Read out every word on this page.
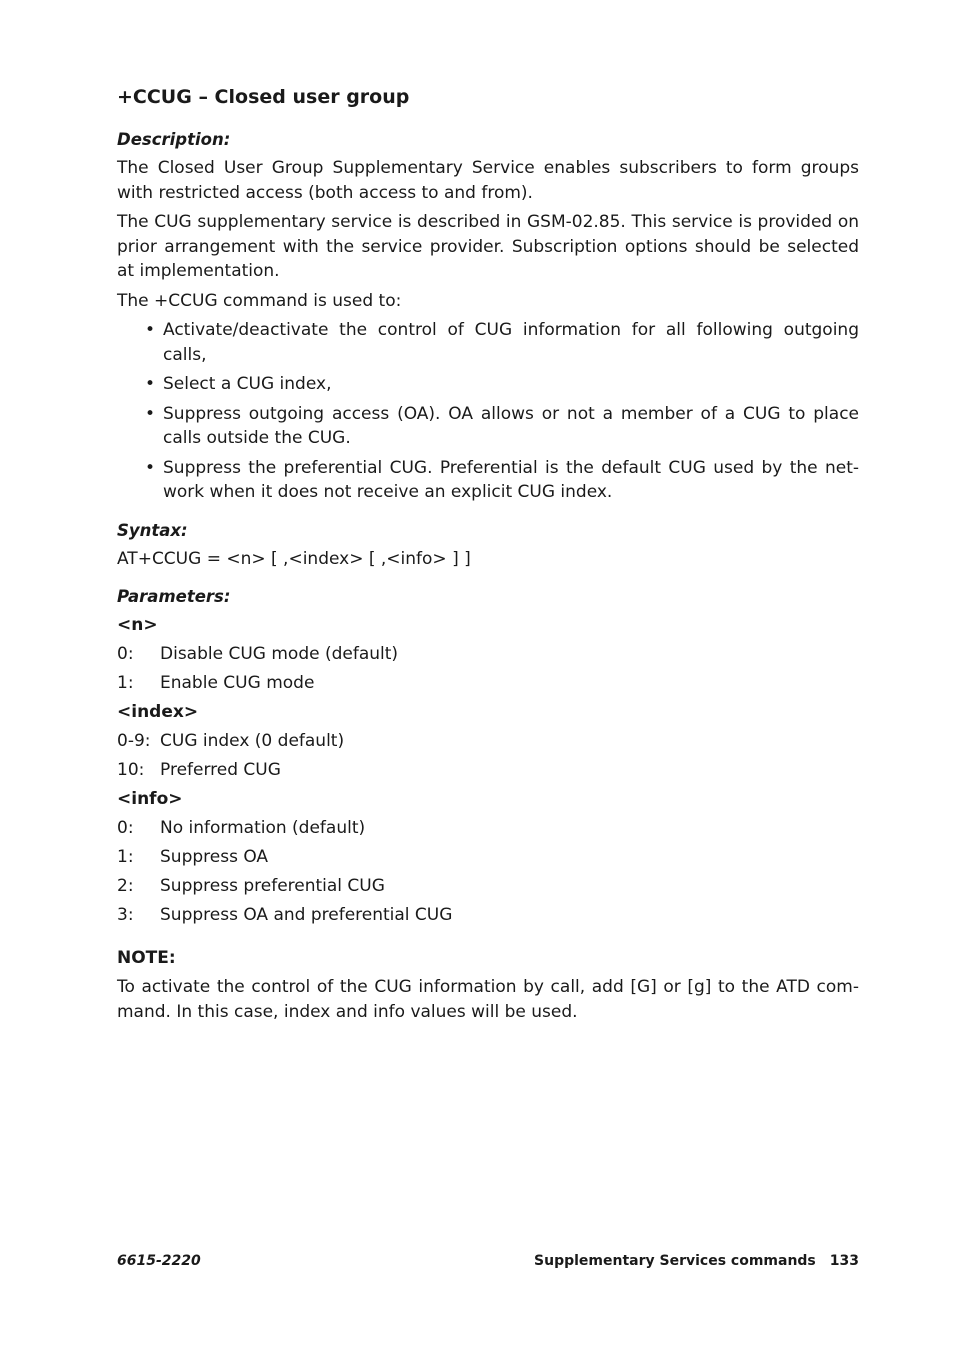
+CCUG – Closed user group
Description:

The Closed User Group Supplementary Service enables subscribers to form groups with restricted access (both access to and from).

The CUG supplementary service is described in GSM-02.85. This service is provided on prior arrangement with the service provider. Subscription options should be selected at implementation.

The +CCUG command is used to:

• Activate/deactivate the control of CUG information for all following outgoing calls,
• Select a CUG index,
• Suppress outgoing access (OA). OA allows or not a member of a CUG to place calls outside the CUG.
• Suppress the preferential CUG. Preferential is the default CUG used by the net-work when it does not receive an explicit CUG index.
Syntax:
AT+CCUG = <n> [ ,<index> [ ,<info> ] ]
Parameters:
<n>
0:	Disable CUG mode (default)
1:	Enable CUG mode
<index>
0-9: CUG index (0 default)
10: Preferred CUG
<info>
0:	No information (default)
1:	Suppress OA
2:	Suppress preferential CUG
3:	Suppress OA and preferential CUG
NOTE:

To activate the control of the CUG information by call, add [G] or [g] to the ATD com-mand. In this case, index and info values will be used.

6615-2220	Supplementary Services commands 133
